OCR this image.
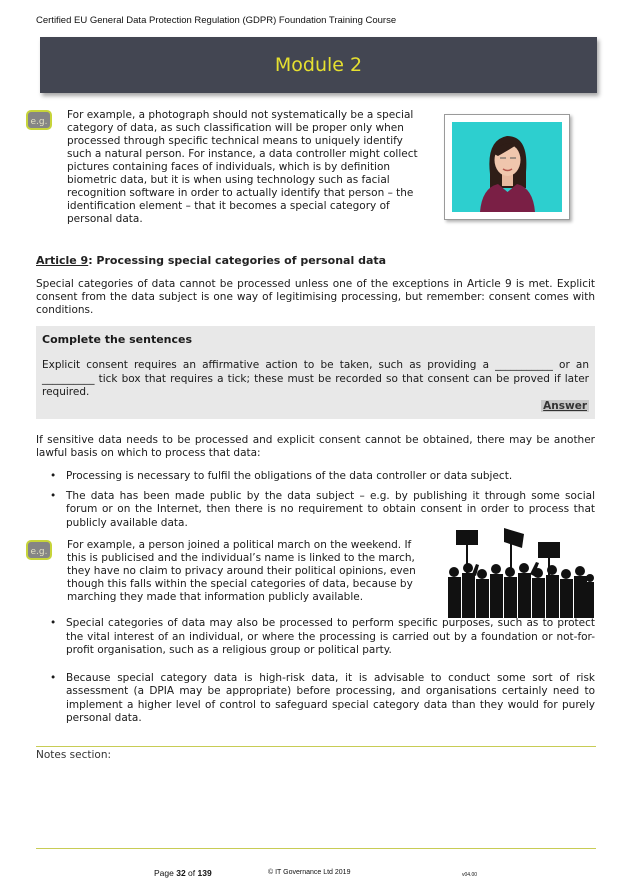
Certified EU General Data Protection Regulation (GDPR) Foundation Training Course
Module 2
e.g.
For example, a photograph should not systematically be a special
category of data, as such classification will be proper only when
processed through specific technical means to uniquely identify
such a natural person. For instance, a data controller might collect
pictures containing faces of individuals, which is by definition
biometric data, but it is when using technology such as facial
recognition software in order to actually identify that person – the
identification element – that it becomes a special category of
personal data.
Article 9: Processing special categories of personal data
Special categories of data cannot be processed unless one of the exceptions in Article 9 is met. Explicit consent from the data subject is one way of legitimising processing, but remember: consent comes with conditions.
Complete the sentences
Explicit consent requires an affirmative action to be taken, such as providing a ___________ or an __________ tick box that requires a tick; these must be recorded so that consent can be proved if later required.
Answer
If sensitive data needs to be processed and explicit consent cannot be obtained, there may be another lawful basis on which to process that data:
• Processing is necessary to fulfil the obligations of the data controller or data subject.
• The data has been made public by the data subject – e.g. by publishing it through some social forum or on the Internet, then there is no requirement to obtain consent in order to process that publicly available data.
e.g.
For example, a person joined a political march on the weekend. If
this is publicised and the individual’s name is linked to the march,
they have no claim to privacy around their political opinions, even
though this falls within the special categories of data, because by
marching they made that information publicly available.
• Special categories of data may also be processed to perform specific purposes, such as to protect the vital interest of an individual, or where the processing is carried out by a foundation or not-for-profit organisation, such as a religious group or political party.
• Because special category data is high-risk data, it is advisable to conduct some sort of risk assessment (a DPIA may be appropriate) before processing, and organisations certainly need to implement a higher level of control to safeguard special category data than they would for purely personal data.
Notes section:
Page 32 of 139	© IT Governance Ltd 2019	v04.00
